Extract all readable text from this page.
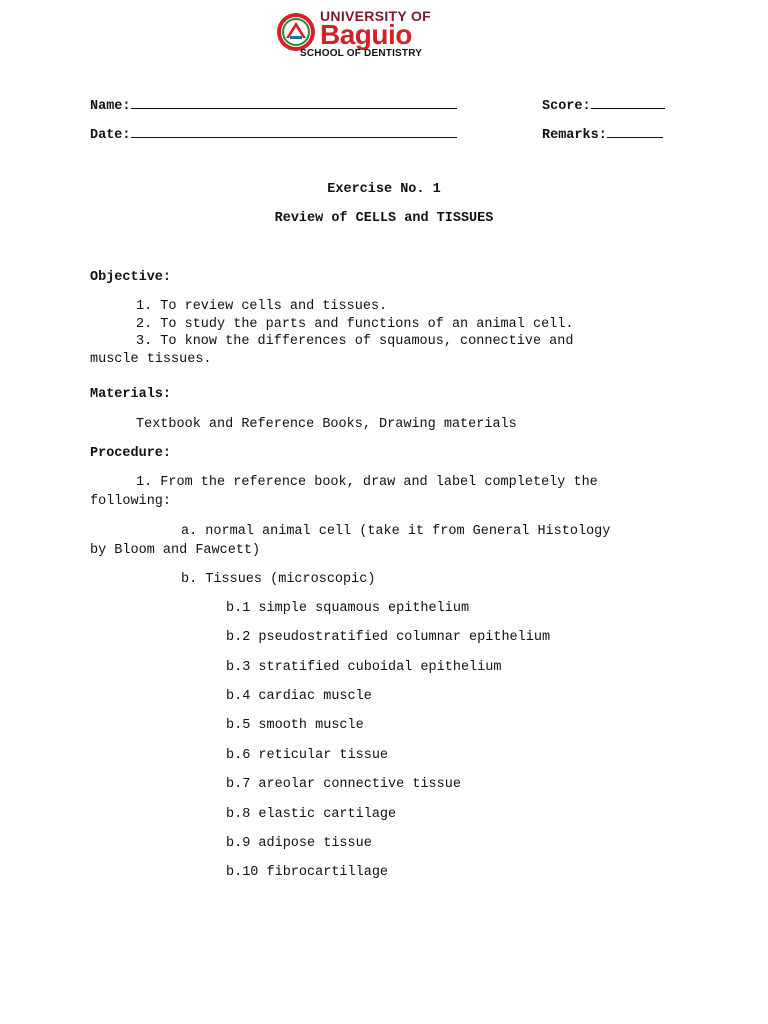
UNIVERSITY OF
Baguio
SCHOOL OF DENTISTRY
Name:	Score:
Date:	Remarks:
Exercise No. 1
Review of CELLS and TISSUES
Objective:
1. To review cells and tissues.
2. To study the parts and functions of an animal cell.
3. To know the differences of squamous, connective and
muscle tissues.
Materials:
Textbook and Reference Books, Drawing materials
Procedure:
1. From the reference book, draw and label completely the
following:
a. normal animal cell (take it from General Histology
by Bloom and Fawcett)
b. Tissues (microscopic)
b.1 simple squamous epithelium
b.2 pseudostratified columnar epithelium
b.3 stratified cuboidal epithelium
b.4 cardiac muscle
b.5 smooth muscle
b.6 reticular tissue
b.7 areolar connective tissue
b.8 elastic cartilage
b.9 adipose tissue
b.10 fibrocartillage
